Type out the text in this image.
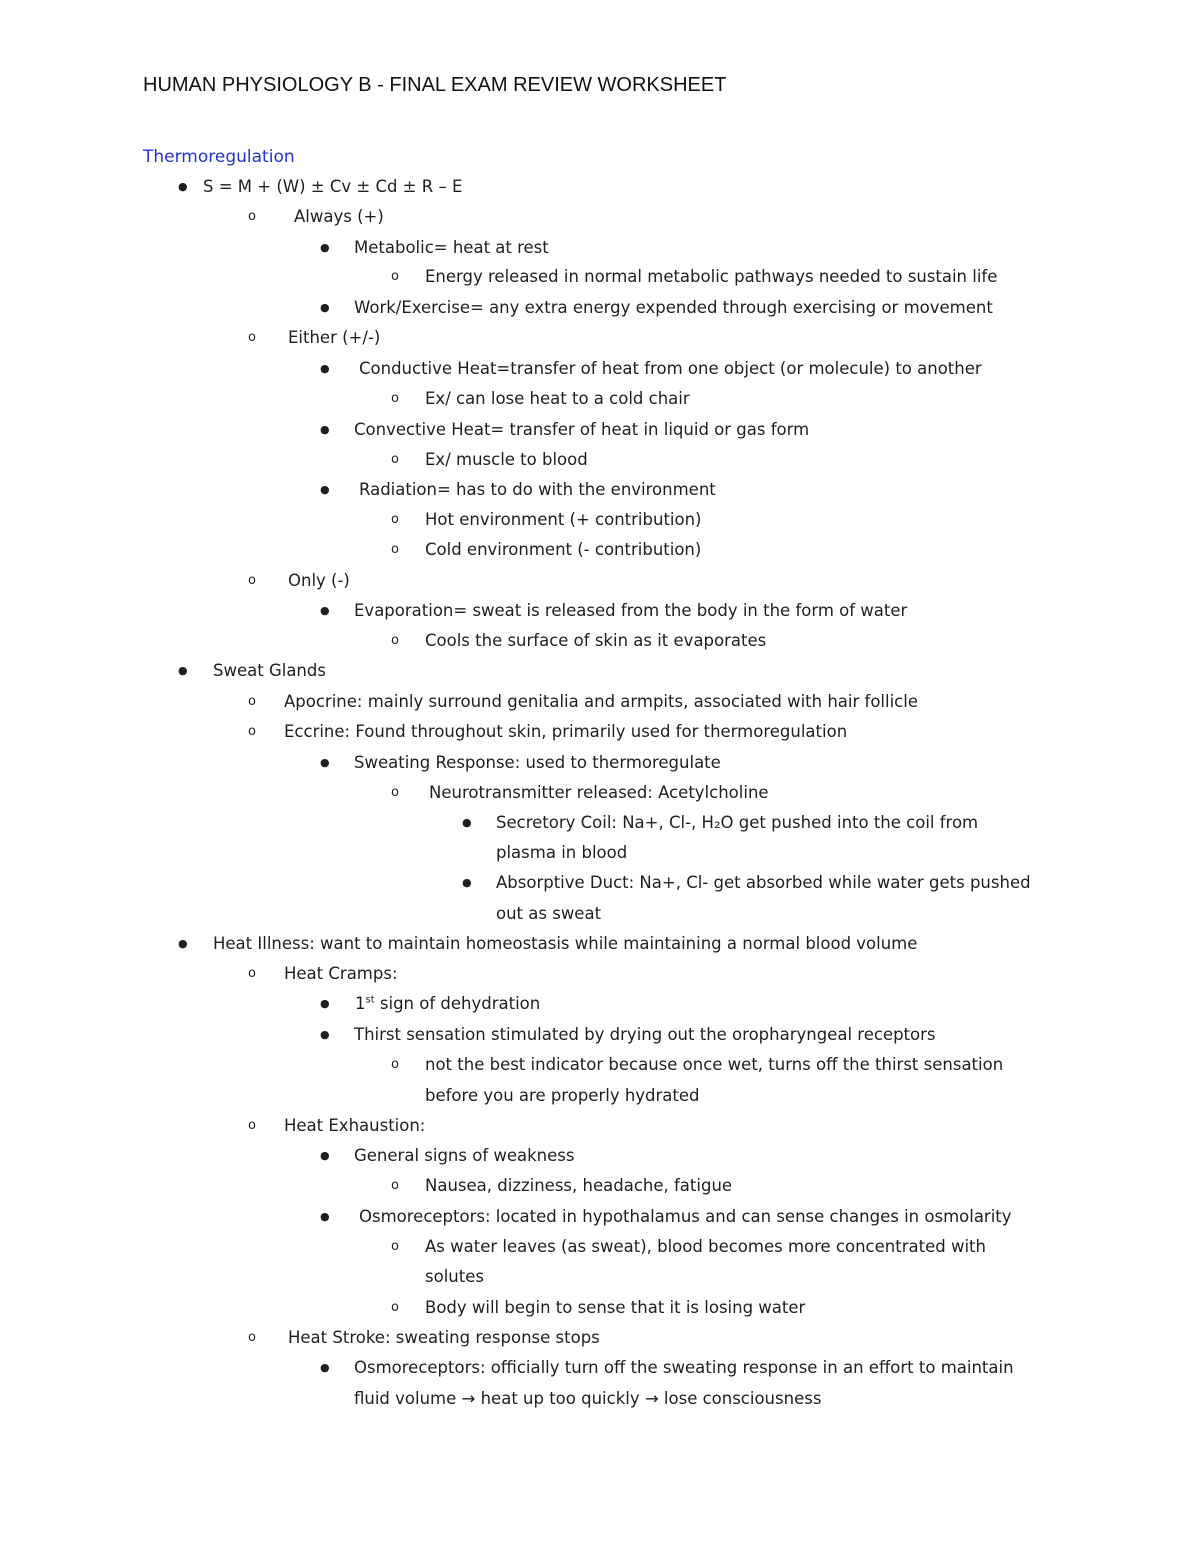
HUMAN PHYSIOLOGY B - FINAL EXAM REVIEW WORKSHEET
Thermoregulation
● S = M + (W) ± Cv ± Cd ± R – E
o Always (+)
● Metabolic= heat at rest
o Energy released in normal metabolic pathways needed to sustain life
● Work/Exercise= any extra energy expended through exercising or movement
o Either (+/-)
● Conductive Heat=transfer of heat from one object (or molecule) to another
o Ex/ can lose heat to a cold chair
● Convective Heat= transfer of heat in liquid or gas form
o Ex/ muscle to blood
● Radiation= has to do with the environment
o Hot environment (+ contribution)
o Cold environment (- contribution)
o Only (-)
● Evaporation= sweat is released from the body in the form of water
o Cools the surface of skin as it evaporates
● Sweat Glands
o Apocrine: mainly surround genitalia and armpits, associated with hair follicle
o Eccrine: Found throughout skin, primarily used for thermoregulation
● Sweating Response: used to thermoregulate
o Neurotransmitter released: Acetylcholine
● Secretory Coil: Na+, Cl-, H₂O get pushed into the coil from
plasma in blood
● Absorptive Duct: Na+, Cl- get absorbed while water gets pushed
out as sweat
● Heat Illness: want to maintain homeostasis while maintaining a normal blood volume
o Heat Cramps:
● 1st sign of dehydration
● Thirst sensation stimulated by drying out the oropharyngeal receptors
o not the best indicator because once wet, turns off the thirst sensation
before you are properly hydrated
o Heat Exhaustion:
● General signs of weakness
o Nausea, dizziness, headache, fatigue
● Osmoreceptors: located in hypothalamus and can sense changes in osmolarity
o As water leaves (as sweat), blood becomes more concentrated with
solutes
o Body will begin to sense that it is losing water
o Heat Stroke: sweating response stops
● Osmoreceptors: officially turn off the sweating response in an effort to maintain
fluid volume → heat up too quickly → lose consciousness
